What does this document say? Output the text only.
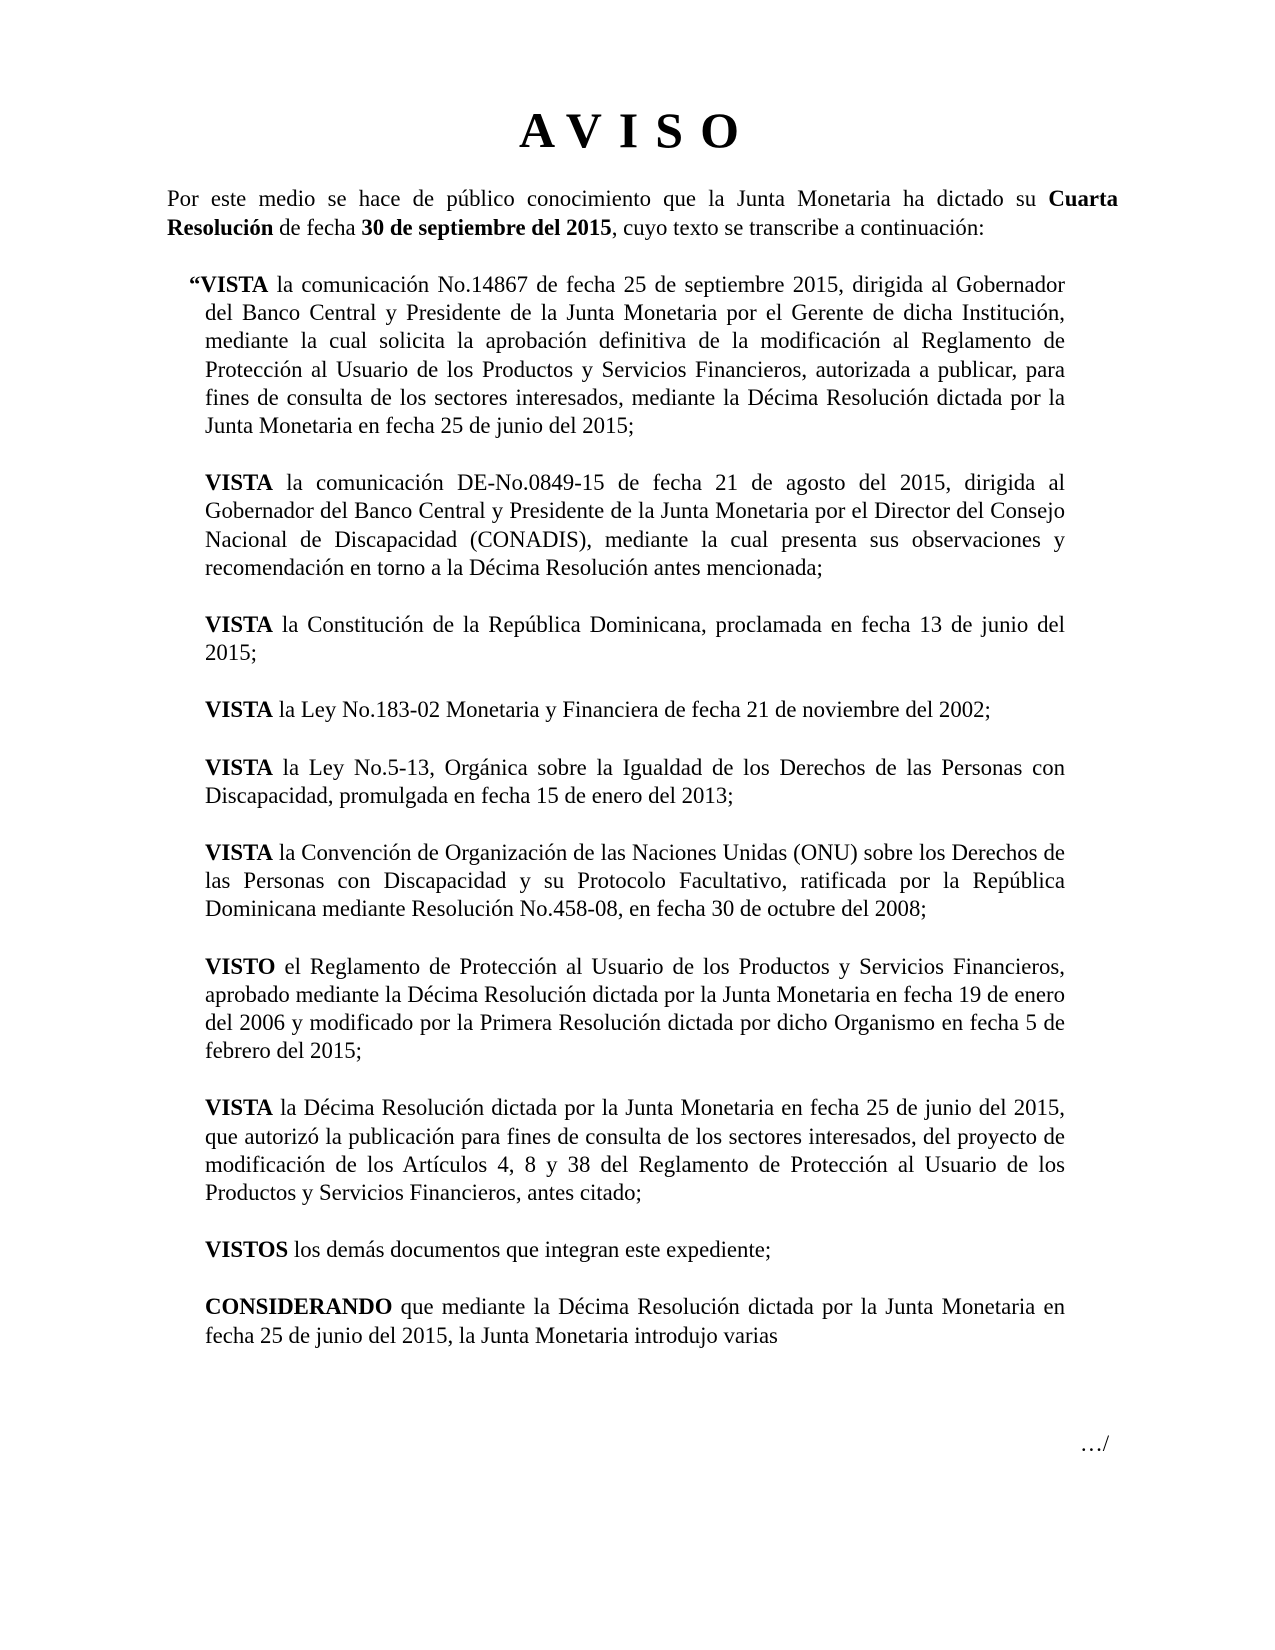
AVISO
Por este medio se hace de público conocimiento que la Junta Monetaria ha dictado su Cuarta Resolución de fecha 30 de septiembre del 2015, cuyo texto se transcribe a continuación:

“VISTA la comunicación No.14867 de fecha 25 de septiembre 2015, dirigida al Gobernador del Banco Central y Presidente de la Junta Monetaria por el Gerente de dicha Institución, mediante la cual solicita la aprobación definitiva de la modificación al Reglamento de Protección al Usuario de los Productos y Servicios Financieros, autorizada a publicar, para fines de consulta de los sectores interesados, mediante la Décima Resolución dictada por la Junta Monetaria en fecha 25 de junio del 2015;

VISTA la comunicación DE-No.0849-15 de fecha 21 de agosto del 2015, dirigida al Gobernador del Banco Central y Presidente de la Junta Monetaria por el Director del Consejo Nacional de Discapacidad (CONADIS), mediante la cual presenta sus observaciones y recomendación en torno a la Décima Resolución antes mencionada;

VISTA la Constitución de la República Dominicana, proclamada en fecha 13 de junio del 2015;

VISTA la Ley No.183-02 Monetaria y Financiera de fecha 21 de noviembre del 2002;

VISTA la Ley No.5-13, Orgánica sobre la Igualdad de los Derechos de las Personas con Discapacidad, promulgada en fecha 15 de enero del 2013;

VISTA la Convención de Organización de las Naciones Unidas (ONU) sobre los Derechos de las Personas con Discapacidad y su Protocolo Facultativo, ratificada por la República Dominicana mediante Resolución No.458-08, en fecha 30 de octubre del 2008;

VISTO el Reglamento de Protección al Usuario de los Productos y Servicios Financieros, aprobado mediante la Décima Resolución dictada por la Junta Monetaria en fecha 19 de enero del 2006 y modificado por la Primera Resolución dictada por dicho Organismo en fecha 5 de febrero del 2015;

VISTA la Décima Resolución dictada por la Junta Monetaria en fecha 25 de junio del 2015, que autorizó la publicación para fines de consulta de los sectores interesados, del proyecto de modificación de los Artículos 4, 8 y 38 del Reglamento de Protección al Usuario de los Productos y Servicios Financieros, antes citado;

VISTOS los demás documentos que integran este expediente;

CONSIDERANDO que mediante la Décima Resolución dictada por la Junta Monetaria en fecha 25 de junio del 2015, la Junta Monetaria introdujo varias

…/
